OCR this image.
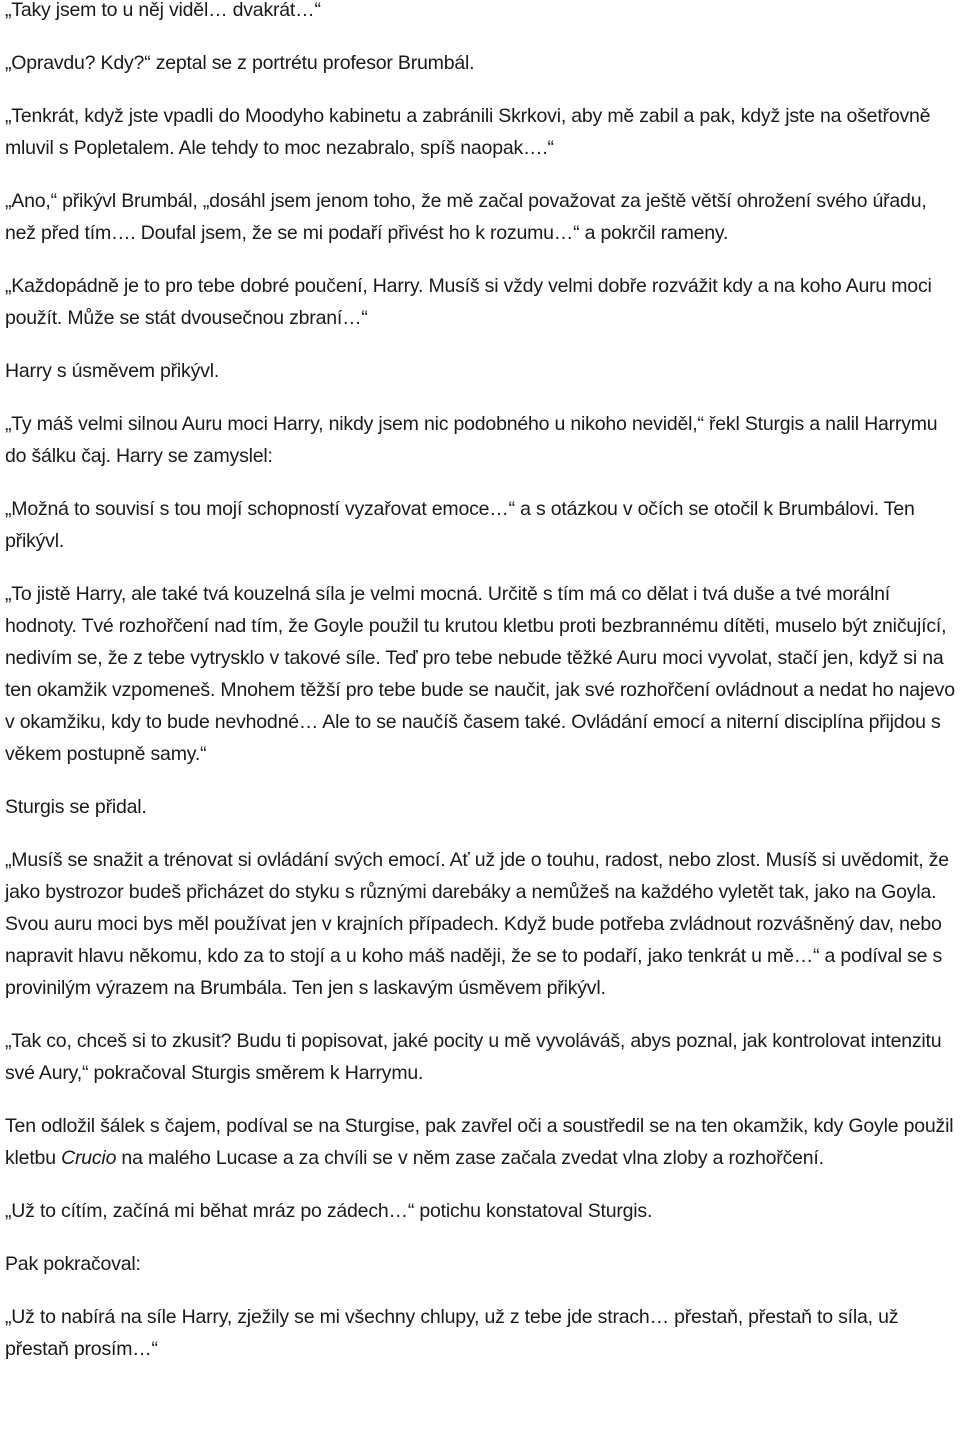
„Taky jsem to u něj viděl… dvakrát…“

„Opravdu? Kdy?“ zeptal se z portrétu profesor Brumbál.

„Tenkrát, když jste vpadli do Moodyho kabinetu a zabránili Skrkovi, aby mě zabil a pak, když jste na ošetřovně mluvil s Popletalem. Ale tehdy to moc nezabralo, spíš naopak….“

„Ano,“ přikývl Brumbál, „dosáhl jsem jenom toho, že mě začal považovat za ještě větší ohrožení svého úřadu, než před tím…. Doufal jsem, že se mi podaří přivést ho k rozumu…“ a pokrčil rameny.

„Každopádně je to pro tebe dobré poučení, Harry. Musíš si vždy velmi dobře rozvážit kdy a na koho Auru moci použít. Může se stát dvousečnou zbraní…“

Harry s úsměvem přikývl.

„Ty máš velmi silnou Auru moci Harry, nikdy jsem nic podobného u nikoho neviděl,“ řekl Sturgis a nalil Harrymu do šálku čaj. Harry se zamyslel:

„Možná to souvisí s tou mojí schopností vyzařovat emoce…“ a s otázkou v očích se otočil k Brumbálovi. Ten přikývl.

„To jistě Harry, ale také tvá kouzelná síla je velmi mocná. Určitě s tím má co dělat i tvá duše a tvé morální hodnoty. Tvé rozhořčení nad tím, že Goyle použil tu krutou kletbu proti bezbrannému dítěti, muselo být zničující, nedivím se, že z tebe vytrysklo v takové síle. Teď pro tebe nebude těžké Auru moci vyvolat, stačí jen, když si na ten okamžik vzpomeneš. Mnohem těžší pro tebe bude se naučit, jak své rozhořčení ovládnout a nedat ho najevo v okamžiku, kdy to bude nevhodné… Ale to se naučíš časem také. Ovládání emocí a niterní disciplína přijdou s věkem postupně samy.“

Sturgis se přidal.

„Musíš se snažit a trénovat si ovládání svých emocí. Ať už jde o touhu, radost, nebo zlost. Musíš si uvědomit, že jako bystrozor budeš přicházet do styku s různými darebáky a nemůžeš na každého vyletět tak, jako na Goyla. Svou auru moci bys měl používat jen v krajních případech. Když bude potřeba zvládnout rozvášněný dav, nebo napravit hlavu někomu, kdo za to stojí a u koho máš naději, že se to podaří, jako tenkrát u mě…“ a podíval se s provinilým výrazem na Brumbála. Ten jen s laskavým úsměvem přikývl.

„Tak co, chceš si to zkusit? Budu ti popisovat, jaké pocity u mě vyvoláváš, abys poznal, jak kontrolovat intenzitu své Aury,“ pokračoval Sturgis směrem k Harrymu.

Ten odložil šálek s čajem, podíval se na Sturgise, pak zavřel oči a soustředil se na ten okamžik, kdy Goyle použil kletbu Crucio na malého Lucase a za chvíli se v něm zase začala zvedat vlna zloby a rozhořčení.

„Už to cítím, začíná mi běhat mráz po zádech…“ potichu konstatoval Sturgis.

Pak pokračoval:

„Už to nabírá na síle Harry, zježily se mi všechny chlupy, už z tebe jde strach… přestaň, přestaň to síla, už přestaň prosím…“
